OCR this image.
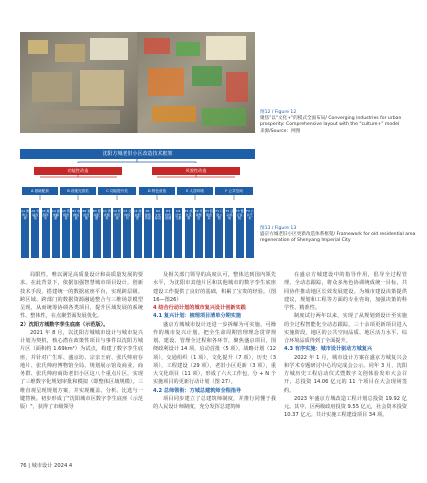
图12 / Figure 12
聚焦"以"文化+"的模式全面布局/ Converging industries for urban prosperity: Comprehensive layout with the "culture+" model
来源/Source：网图
沈阳方城老旧小区改造技术框架
功能性改造	风貌性改造
A 基础配套	B 设施完善类	C 功能提升类	D 特色营造	E 人居环境	F 公共空间
A1 建筑主体
A2 外墙改造
A3 屋面防水
A4 楼道翻新
A5 管网改造
B1 电梯加装
B2 智能设施
B3 停车配置
C1 养老服务
C2 托育设施
C3 文体场所
C4 商业配套
D1 建筑风貌
D2 文化标识
D3 特色街道
D4 历史元素
E1 绿化景观
E2 环境整治
E3 照明改造
F1 口袋公园
F2 活动场地
F3 慢行系统
F4 公共艺术
图13 / Figure 13
盛京方城老旧小区更新改造体系框架/ Framework for old residential area regeneration of Shenyang Imperial City

局限性，唯以满足高质量设计和高质量发展的要求。在此背景下，依据加强智慧城市项目设计，创新技术手段，搭建统一的数据底座平台，实现跨层级、跨区域、跨部门的数据资源融通整合与三维场景模型呈现，从而统筹协调各类项目，提升区域发展的系统性、整体性，在点聚型面发展优化。

2）沈阳方城数字孪生底座（示范版）。

2021 年 8 月，以沈阳方城城市设计与城市复兴计划为契机，核心潜在政策性项目与事件以沈阳方城片区（面积约 1.69km²）为试点，构建了数字孪生底座，并针对广生库、盛京坊、宗亲王府、张氏帅府存地片、张氏帅府博物馆全局、规划展示馆及商业、商务群、张氏帅府商街老旧小区这八个重点片区，实现了三维数字化规划审批和模拟（即整体区域规模）。三维直观呈现规划方案，并实现覆盖、分析、比选与一键替换。初步形成了"沈阳城市区数字孪生底座（示范版）"，获得了市级领导

及相关部门领导的高度认可，整体达到国内领先水平，为沈阳市其他片区和其他城市的数字孪生底座建设工作提供了良好的基础，积累了宝贵的经验。（图16—图26）

4 结合行动计划的城市复兴设计创新实践

4.1 复兴计划：梳理项目清单分期实施

盛京方城城市设计还进一步拆解为可实施、可操作的城市复兴计划。把全生命周期管理理念贯穿规划、建设、管理全过程和各环节，聚焦盛京项目，围绕政利设计 14 项，启动首批（5 项），战略计划（12 项），交通组织（1 项），文化提升（7 项），历史（3 项），工程建设（29 项），老旧小区更新（3 项），重大文化项目（11 项），形成了六大工作包，分 + N 个实施项目的更新行动计划（图 27）。

4.2 总师领衔：方城总建筑师全程指导

项目同步建立了总建筑师制度，并推行同懂于我的人民设计师制度，充分发挥总建筑师

在盛京方城建设中的指导作用，倡导全过程管理，全动态跟踪，将众多角色协调统成统一目标，共同协作推动地区长效发展建设。为城市建设决策提供建议，规划和工程等方面的专业咨询，加强决策的科学性、精准性。

制度试行两年以来，实现了从规划到设计至实施的全过程智能化全动态跟踪，三十余项更新项目进入实施阶段，地区的公共空间品质、地区活力水平、综合环境品质得到了全面提升。

4.3 有序实施：城市设计驱动方城复兴

2022 年 1 月，城市设计方案在盛京方城复兴会和学术专题研讨中心均完成会公示。同年 3 月，沈阳方城历史工程启动仪式暨数字文创体验发布大会召开，总投资 14.06 亿元的 11 个项目在大会现场签约。

2023 年盛京方城改造工程计划总投资 19.92 亿元。其中，区两级政府投资 9.55 亿元，社会资本投资 10.37 亿元。共计实施工程建设项目 34 项。

76 | 城市设计 2024 4
